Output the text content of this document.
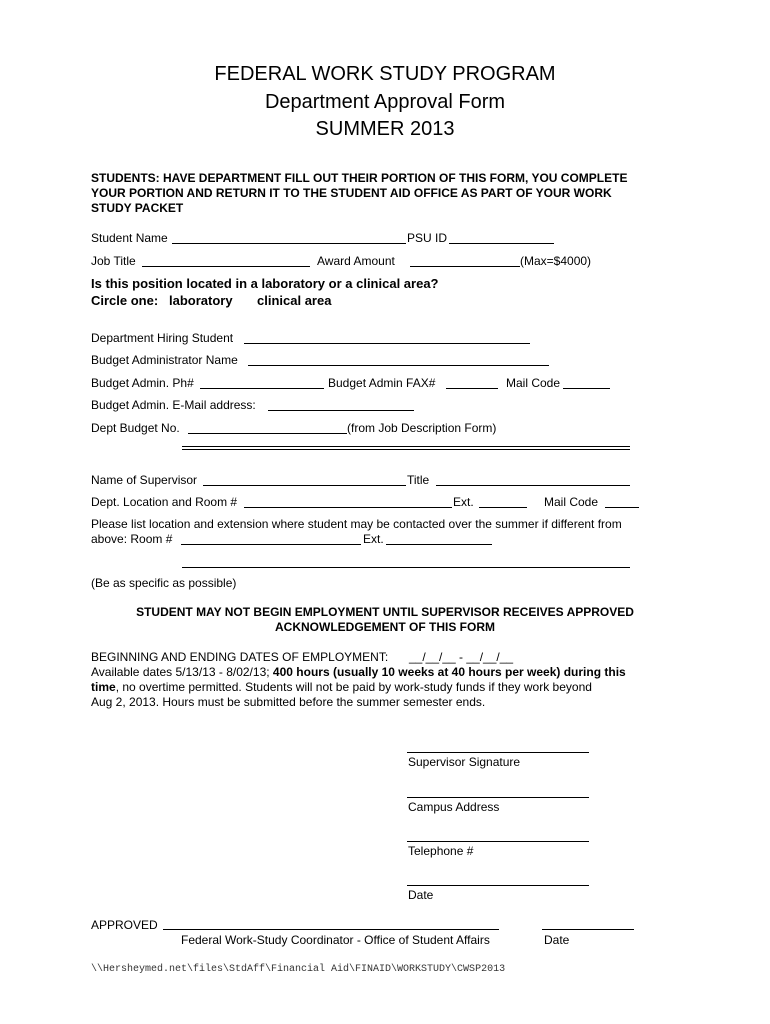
FEDERAL WORK STUDY PROGRAM
Department Approval Form
SUMMER 2013
STUDENTS: HAVE DEPARTMENT FILL OUT THEIR PORTION OF THIS FORM, YOU COMPLETE
YOUR PORTION AND RETURN IT TO THE STUDENT AID OFFICE AS PART OF YOUR WORK
STUDY PACKET
Student Name	PSU ID
Job Title	Award Amount	(Max=$4000)
Is this position located in a laboratory or a clinical area?
Circle one: laboratory clinical area
Department Hiring Student
Budget Administrator Name
Budget Admin. Ph#	Budget Admin FAX#	Mail Code
Budget Admin. E-Mail address:
Dept Budget No.	(from Job Description Form)
Name of Supervisor	Title
Dept. Location and Room #	Ext.	Mail Code
Please list location and extension where student may be contacted over the summer if different from
above: Room #	Ext.
(Be as specific as possible)
STUDENT MAY NOT BEGIN EMPLOYMENT UNTIL SUPERVISOR RECEIVES APPROVED
ACKNOWLEDGEMENT OF THIS FORM
BEGINNING AND ENDING DATES OF EMPLOYMENT: __/__/__ - __/__/__
Available dates 5/13/13 - 8/02/13; 400 hours (usually 10 weeks at 40 hours per week) during this
time, no overtime permitted. Students will not be paid by work-study funds if they work beyond
Aug 2, 2013. Hours must be submitted before the summer semester ends.
Supervisor Signature
Campus Address
Telephone #
Date
APPROVED
Federal Work-Study Coordinator - Office of Student Affairs	Date
\\Hersheymed.net\files\StdAff\Financial Aid\FINAID\WORKSTUDY\CWSP2013
